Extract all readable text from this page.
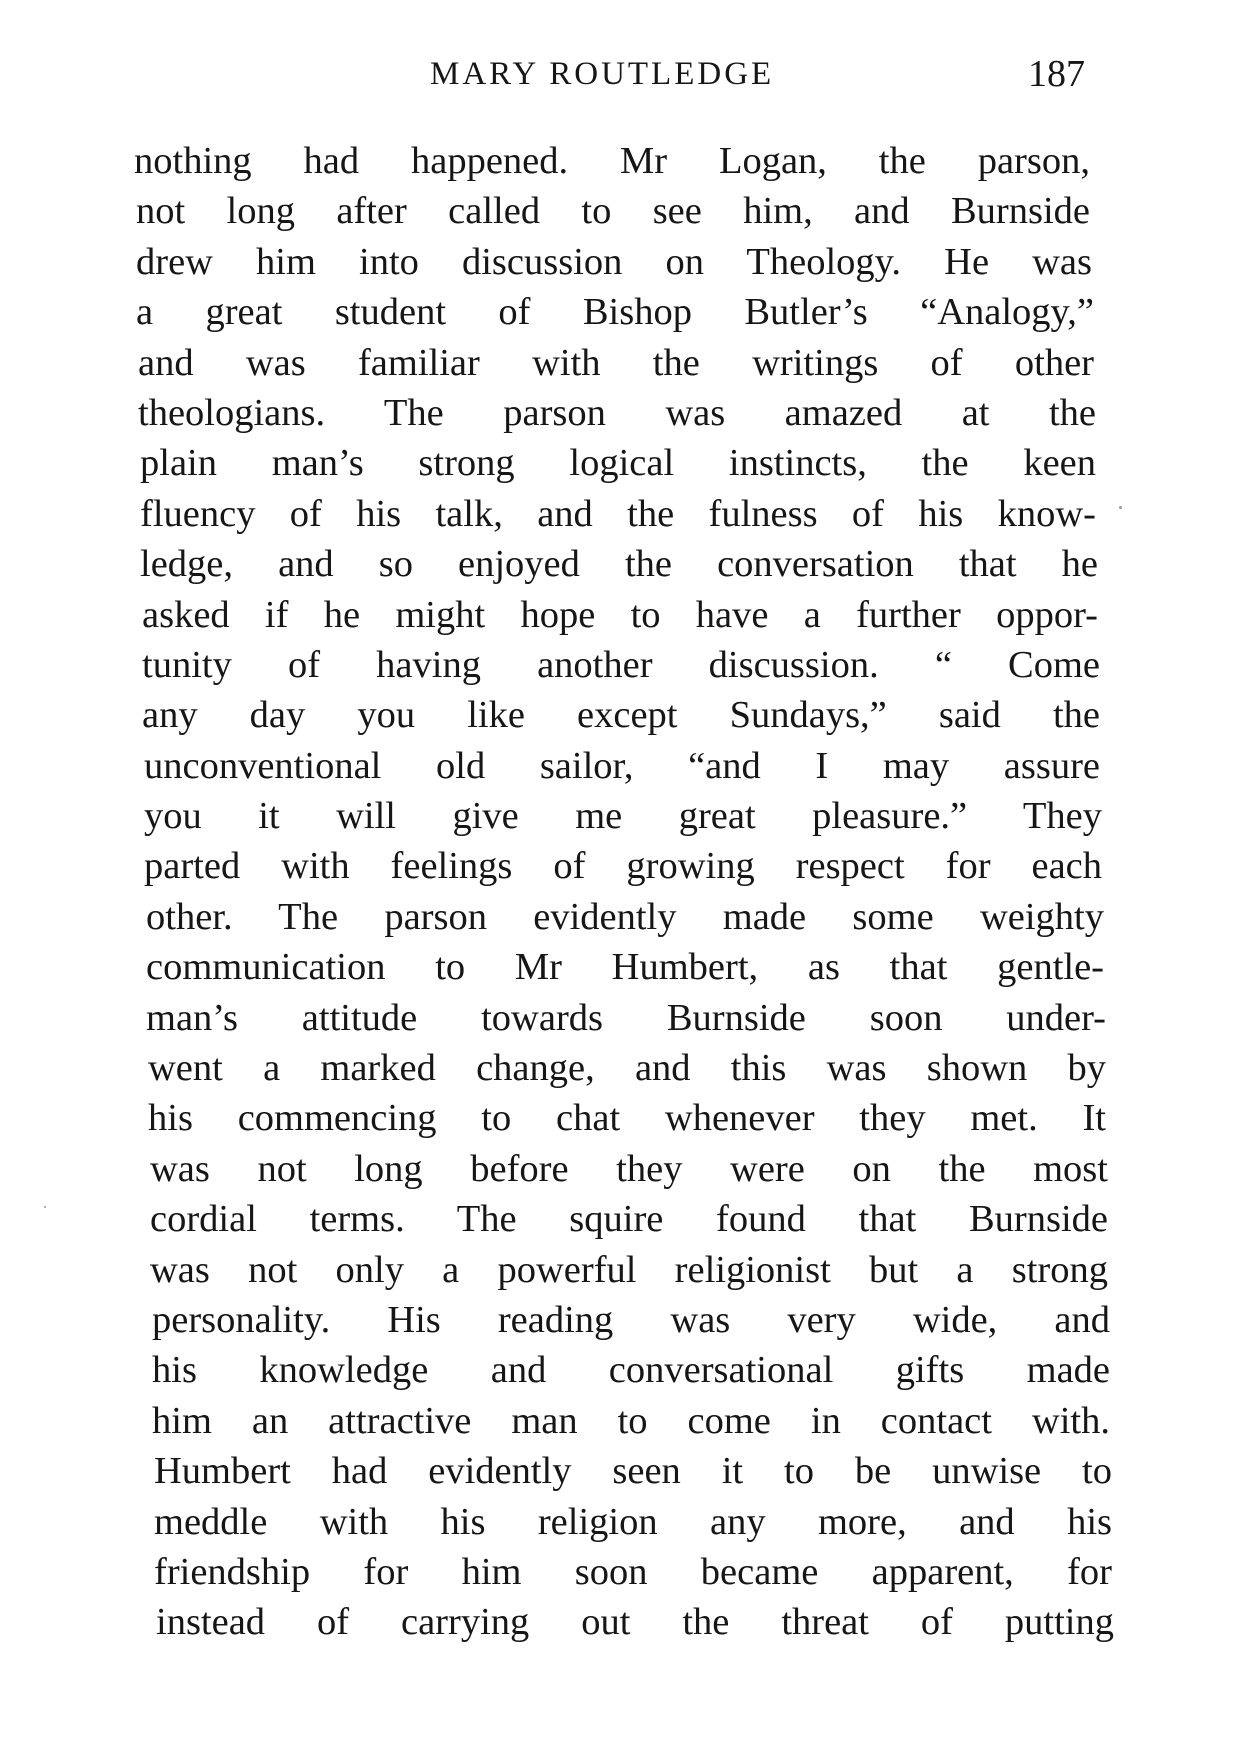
MARY ROUTLEDGE	187
nothing had happened. Mr Logan, the parson,
not long after called to see him, and Burnside
drew him into discussion on Theology. He was
a great student of Bishop Butler’s “Analogy,”
and was familiar with the writings of other
theologians. The parson was amazed at the
plain man’s strong logical instincts, the keen
fluency of his talk, and the fulness of his know-
ledge, and so enjoyed the conversation that he
asked if he might hope to have a further oppor-
tunity of having another discussion. “ Come
any day you like except Sundays,” said the
unconventional old sailor, “and I may assure
you it will give me great pleasure.” They
parted with feelings of growing respect for each
other. The parson evidently made some weighty
communication to Mr Humbert, as that gentle-
man’s attitude towards Burnside soon under-
went a marked change, and this was shown by
his commencing to chat whenever they met. It
was not long before they were on the most
cordial terms. The squire found that Burnside
was not only a powerful religionist but a strong
personality. His reading was very wide, and
his knowledge and conversational gifts made
him an attractive man to come in contact with.
Humbert had evidently seen it to be unwise to
meddle with his religion any more, and his
friendship for him soon became apparent, for
instead of carrying out the threat of putting
